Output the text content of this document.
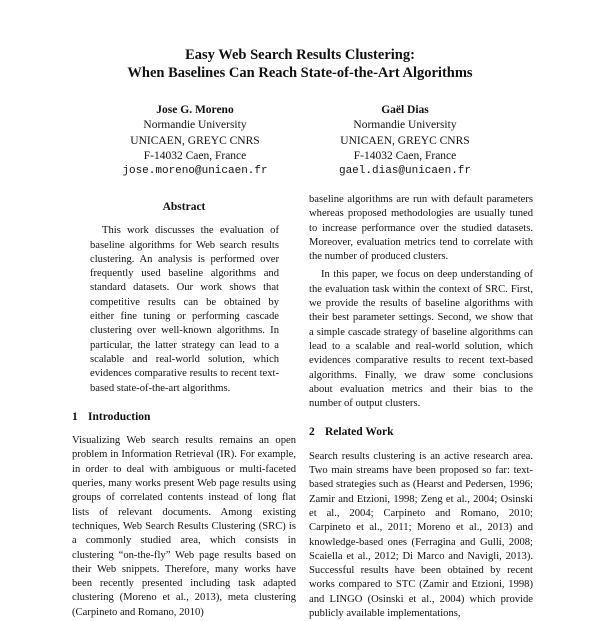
Easy Web Search Results Clustering:
When Baselines Can Reach State-of-the-Art Algorithms
Jose G. Moreno
Normandie University
UNICAEN, GREYC CNRS
F-14032 Caen, France
jose.moreno@unicaen.fr
Gaël Dias
Normandie University
UNICAEN, GREYC CNRS
F-14032 Caen, France
gael.dias@unicaen.fr
Abstract

This work discusses the evaluation of baseline algorithms for Web search results clustering. An analysis is performed over frequently used baseline algorithms and standard datasets. Our work shows that competitive results can be obtained by either fine tuning or performing cascade clustering over well-known algorithms. In particular, the latter strategy can lead to a scalable and real-world solution, which evidences comparative results to recent text-based state-of-the-art algorithms.

1 Introduction

Visualizing Web search results remains an open problem in Information Retrieval (IR). For example, in order to deal with ambiguous or multi-faceted queries, many works present Web page results using groups of correlated contents instead of long flat lists of relevant documents. Among existing techniques, Web Search Results Clustering (SRC) is a commonly studied area, which consists in clustering “on-the-fly” Web page results based on their Web snippets. Therefore, many works have been recently presented including task adapted clustering (Moreno et al., 2013), meta clustering (Carpineto and Romano, 2010)

baseline algorithms are run with default parameters whereas proposed methodologies are usually tuned to increase performance over the studied datasets. Moreover, evaluation metrics tend to correlate with the number of produced clusters.

In this paper, we focus on deep understanding of the evaluation task within the context of SRC. First, we provide the results of baseline algorithms with their best parameter settings. Second, we show that a simple cascade strategy of baseline algorithms can lead to a scalable and real-world solution, which evidences comparative results to recent text-based algorithms. Finally, we draw some conclusions about evaluation metrics and their bias to the number of output clusters.

2 Related Work

Search results clustering is an active research area. Two main streams have been proposed so far: text-based strategies such as (Hearst and Pedersen, 1996; Zamir and Etzioni, 1998; Zeng et al., 2004; Osinski et al., 2004; Carpineto and Romano, 2010; Carpineto et al., 2011; Moreno et al., 2013) and knowledge-based ones (Ferragina and Gulli, 2008; Scaiella et al., 2012; Di Marco and Navigli, 2013). Successful results have been obtained by recent works compared to STC (Zamir and Etzioni, 1998) and LINGO (Osinski et al., 2004) which provide publicly available implementations,
